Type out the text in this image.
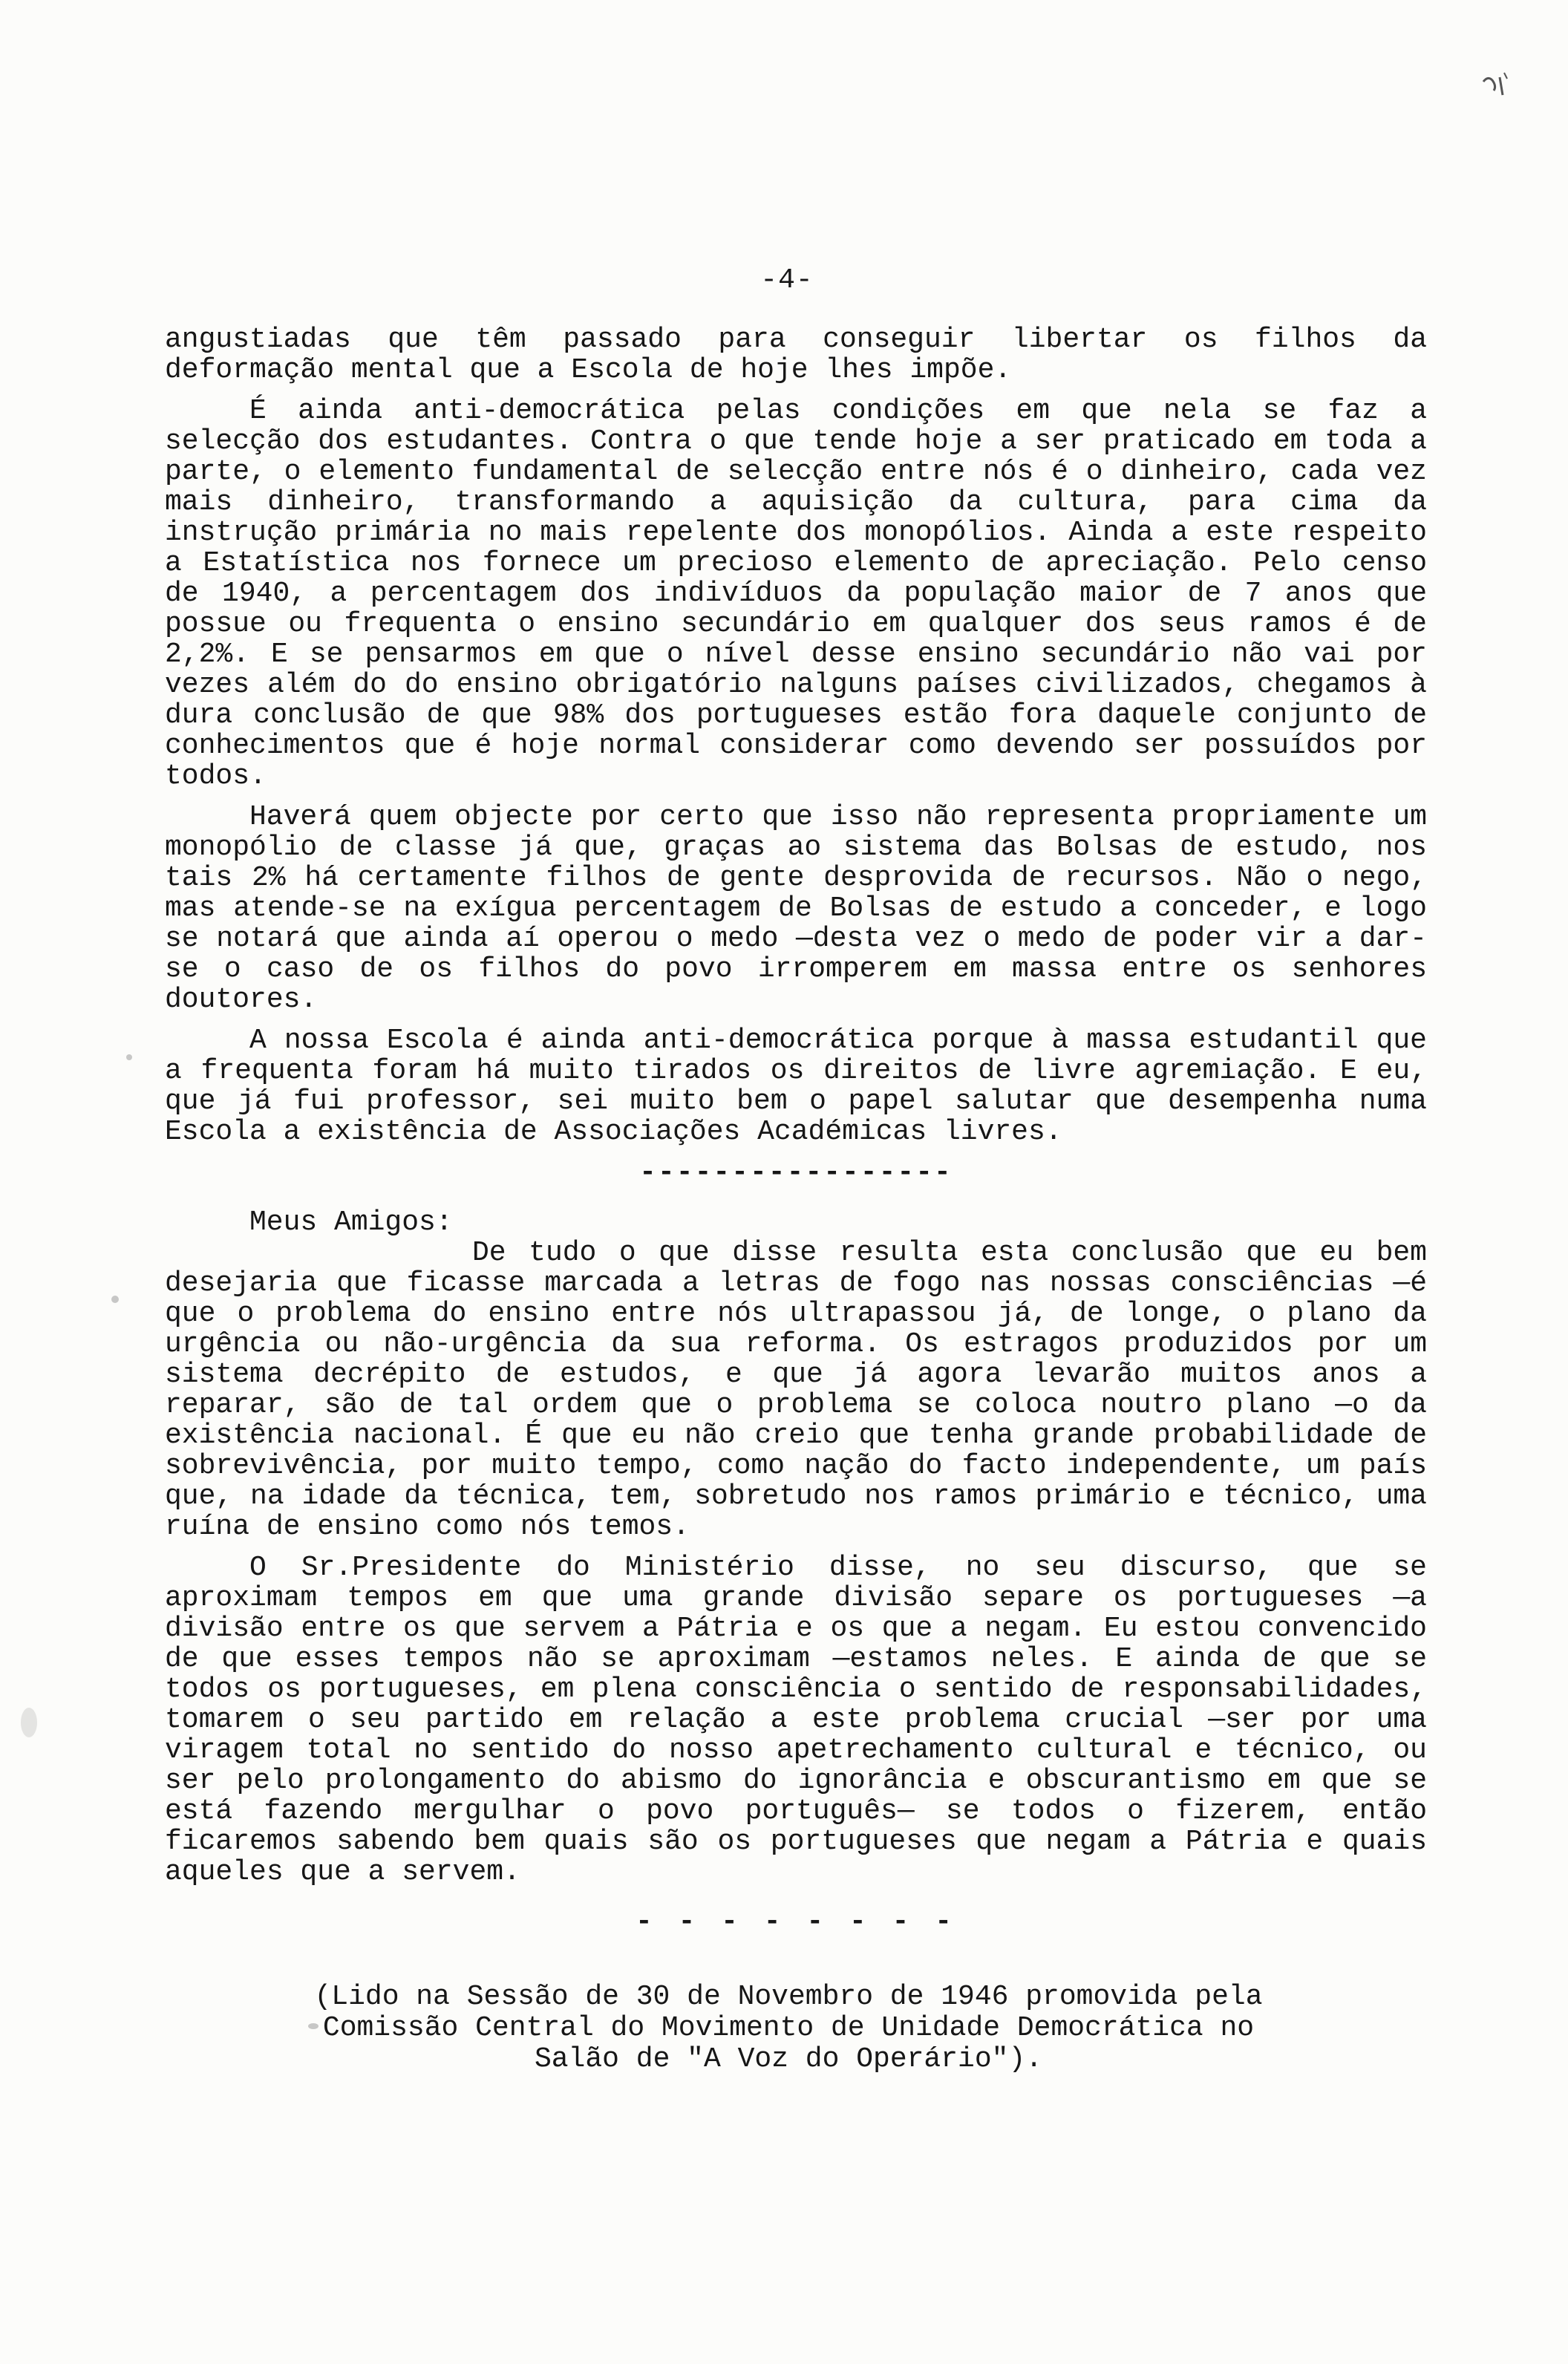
-4-

angustiadas que têm passado para conseguir libertar os filhos da deformação mental que a Escola de hoje lhes impõe.

É ainda anti-democrática pelas condições em que nela se faz a selecção dos estudantes. Contra o que tende hoje a ser praticado em toda a parte, o elemento fundamental de selecção entre nós é o dinheiro, cada vez mais dinheiro, transformando a aquisição da cultura, para cima da instrução primária no mais repelente dos monopólios. Ainda a este respeito a Estatística nos fornece um precioso elemento de apreciação. Pelo censo de 1940, a percentagem dos indivíduos da população maior de 7 anos que possue ou frequenta o ensino secundário em qualquer dos seus ramos é de 2,2%. E se pensarmos em que o nível desse ensino secundário não vai por vezes além do do ensino obrigatório nalguns países civilizados, chegamos à dura conclusão de que 98% dos portugueses estão fora daquele conjunto de conhecimentos que é hoje normal considerar como devendo ser possuídos por todos.

Haverá quem objecte por certo que isso não representa propriamente um monopólio de classe já que, graças ao sistema das Bolsas de estudo, nos tais 2% há certamente filhos de gente desprovida de recursos. Não o nego, mas atende-se na exígua percentagem de Bolsas de estudo a conceder, e logo se notará que ainda aí operou o medo —desta vez o medo de poder vir a dar-se o caso de os filhos do povo irromperem em massa entre os senhores doutores.

A nossa Escola é ainda anti-democrática porque à massa estudantil que a frequenta foram há muito tirados os direitos de livre agremiação. E eu, que já fui professor, sei muito bem o papel salutar que desempenha numa Escola a existência de Associações Académicas livres.

-----------------

Meus Amigos:

De tudo o que disse resulta esta conclusão que eu bem desejaria que ficasse marcada a letras de fogo nas nossas consciências —é que o problema do ensino entre nós ultrapassou já, de longe, o plano da urgência ou não-urgência da sua reforma. Os estragos produzidos por um sistema decrépito de estudos, e que já agora levarão muitos anos a reparar, são de tal ordem que o problema se coloca noutro plano —o da existência nacional. É que eu não creio que tenha grande probabilidade de sobrevivência, por muito tempo, como nação do facto independente, um país que, na idade da técnica, tem, sobretudo nos ramos primário e técnico, uma ruína de ensino como nós temos.

O Sr.Presidente do Ministério disse, no seu discurso, que se aproximam tempos em que uma grande divisão separe os portugueses —a divisão entre os que servem a Pátria e os que a negam. Eu estou convencido de que esses tempos não se aproximam —estamos neles. E ainda de que se todos os portugueses, em plena consciência o sentido de responsabilidades, tomarem o seu partido em relação a este problema crucial —ser por uma viragem total no sentido do nosso apetrechamento cultural e técnico, ou ser pelo prolongamento do abismo do ignorância e obscurantismo em que se está fazendo mergulhar o povo português— se todos o fizerem, então ficaremos sabendo bem quais são os portugueses que negam a Pátria e quais aqueles que a servem.

- - - - - - - -
(Lido na Sessão de 30 de Novembro de 1946 promovida pela
Comissão Central do Movimento de Unidade Democrática no
Salão de "A Voz do Operário").
